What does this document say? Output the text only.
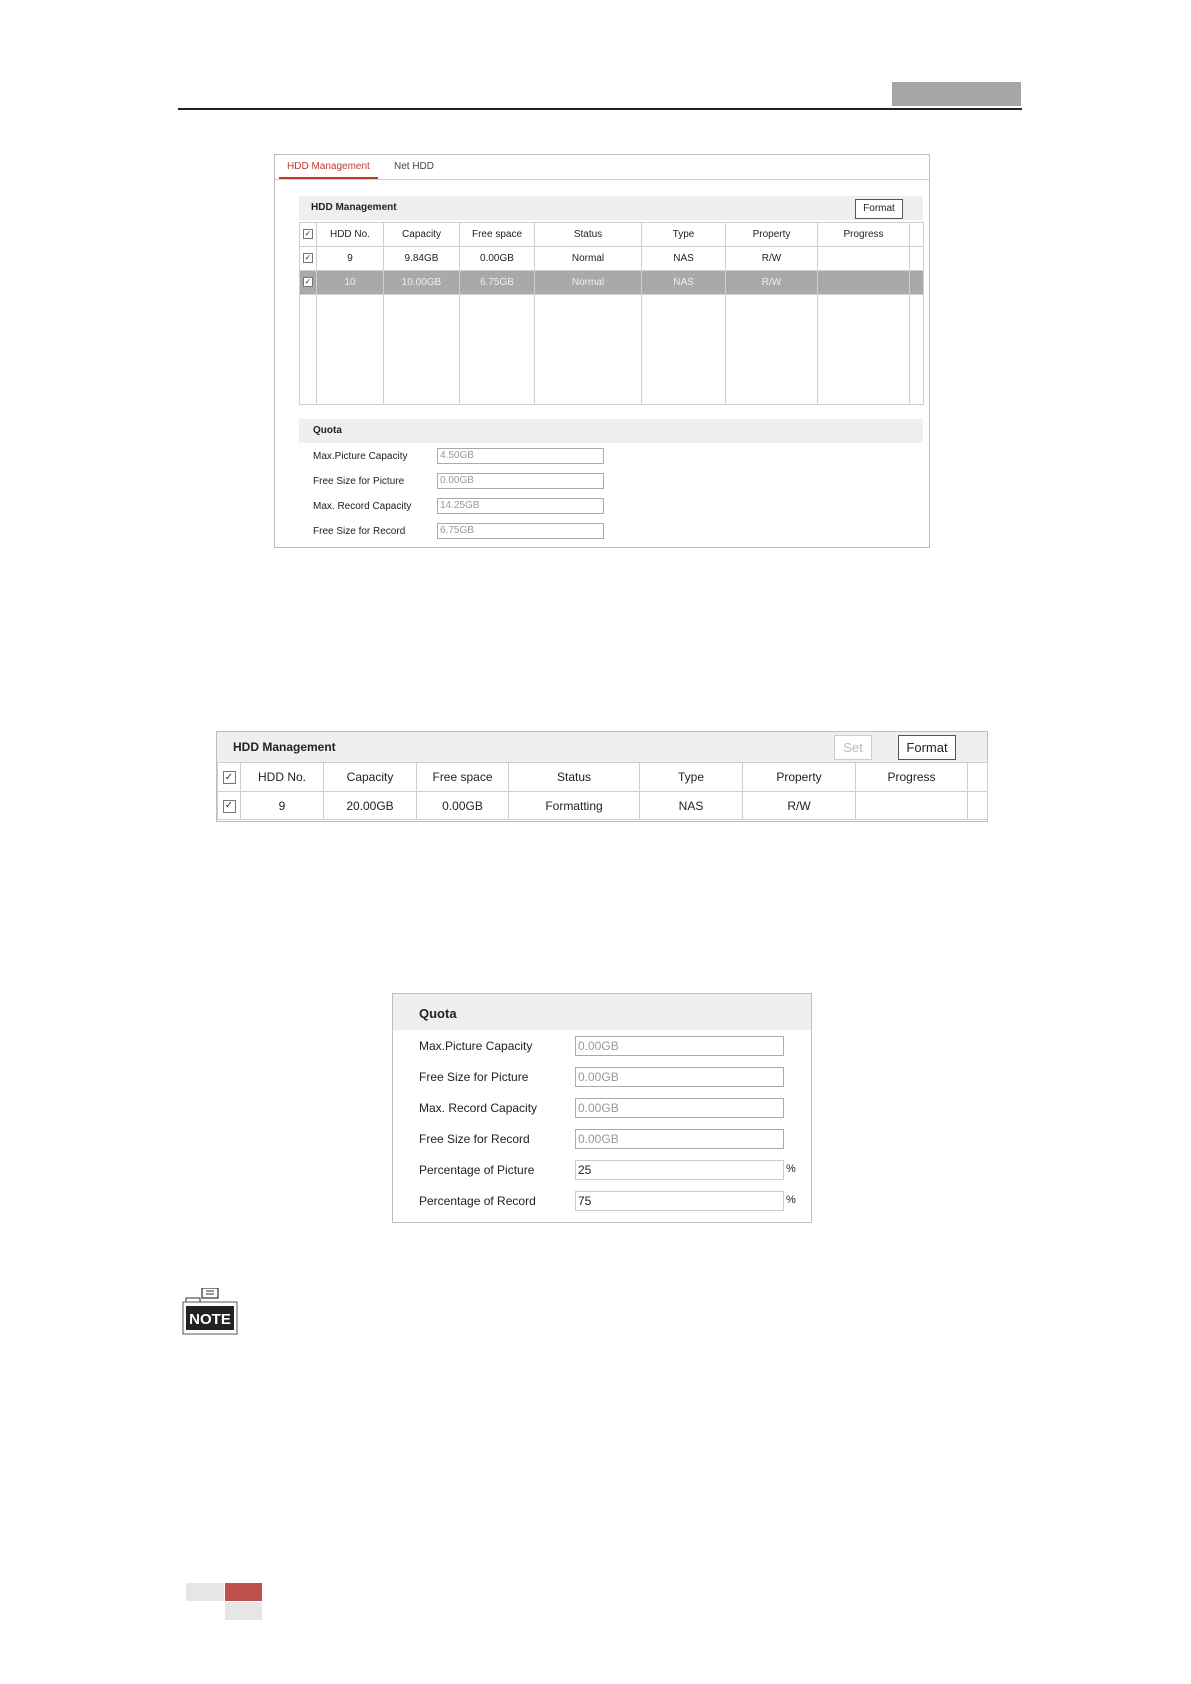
HDD Management Net HDD
HDD Management	Format
✓	HDD No.	Capacity	Free space	Status	Type	Property	Progress	
✓	9	9.84GB	0.00GB	Normal	NAS	R/W		
✓	10	10.00GB	6.75GB	Normal	NAS	R/W		

Quota
Max.Picture Capacity	4.50GB
Free Size for Picture	0.00GB
Max. Record Capacity	14.25GB
Free Size for Record	6.75GB
HDD Management	Set	Format
✓	HDD No.	Capacity	Free space	Status	Type	Property	Progress	
✓	9	20.00GB	0.00GB	Formatting	NAS	R/W		
Quota
Max.Picture Capacity	0.00GB
Free Size for Picture	0.00GB
Max. Record Capacity	0.00GB
Free Size for Record	0.00GB
Percentage of Picture	25	%
Percentage of Record	75	%
NOTE
